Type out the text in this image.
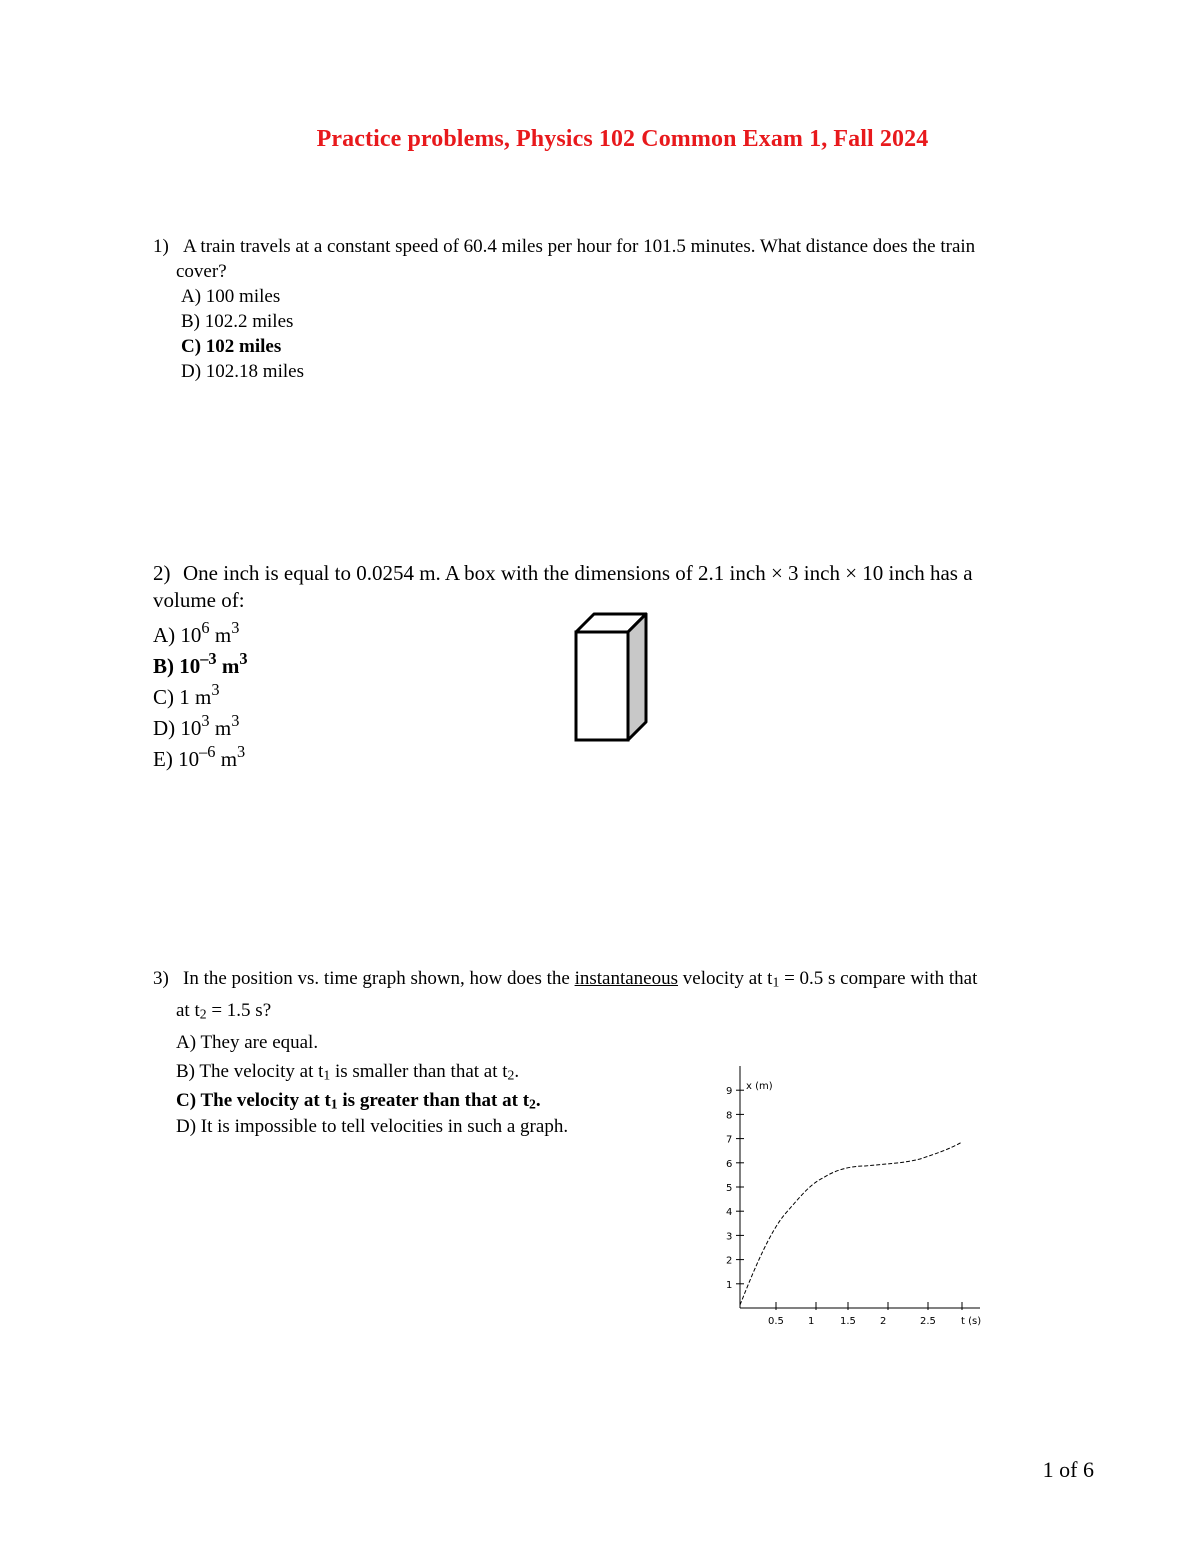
Practice problems, Physics 102 Common Exam 1, Fall 2024

1) A train travels at a constant speed of 60.4 miles per hour for 101.5 minutes. What distance does the train

cover?

A) 100 miles

B) 102.2 miles

C) 102 miles

D) 102.18 miles

2) One inch is equal to 0.0254 m. A box with the dimensions of 2.1 inch × 3 inch × 10 inch has a

volume of:

A) $10^6$ $m^3$

B) $10^{-3}$ $m^3$

C) 1 $m^3$

D) $10^3$ $m^3$

E) $10^{-6}$ $m^3$

3) In the position vs. time graph shown, how does the instantaneous velocity at $t_1 = 0.5$ s compare with that

at $t_2 = 1.5$ s?

A) They are equal.

B) The velocity at $t_1$ is smaller than that at $t_2$.

C) The velocity at $t_1$ is greater than that at $t_2$.

D) It is impossible to tell velocities in such a graph.

1
2
3
4
5
6
7
8
9
0.5 1	1.5 2	2.5
x (m)
t (s)
1 of 6
